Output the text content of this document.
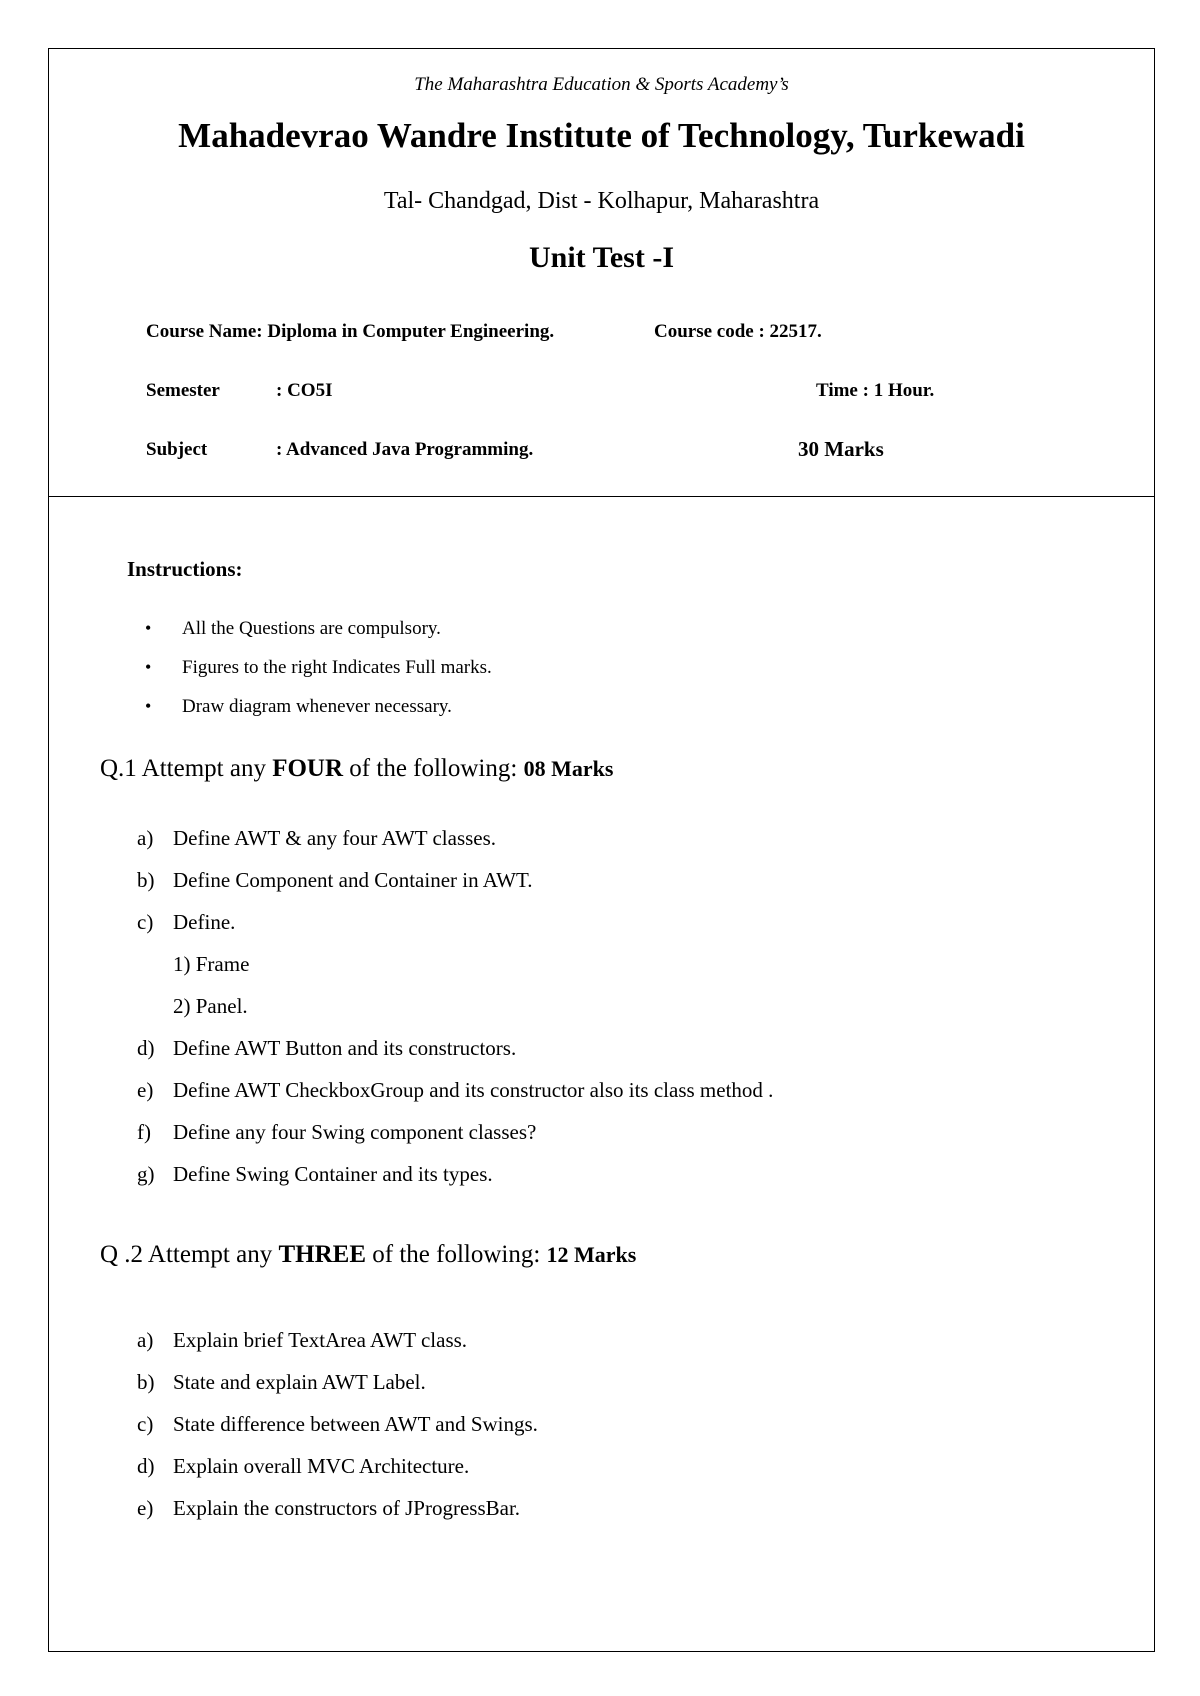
The Maharashtra Education & Sports Academy’s
Mahadevrao Wandre Institute of Technology, Turkewadi
Tal- Chandgad, Dist - Kolhapur, Maharashtra
Unit Test -I
Course Name: Diploma in Computer Engineering.	Course code : 22517.
Semester	: CO5I	Time : 1 Hour.
Subject	: Advanced Java Programming.	30 Marks
Instructions:
• All the Questions are compulsory.
• Figures to the right Indicates Full marks.
• Draw diagram whenever necessary.
Q.1 Attempt any FOUR of the following: 08 Marks
a) Define AWT & any four AWT classes.
b) Define Component and Container in AWT.
c) Define.
1) Frame
2) Panel.
d) Define AWT Button and its constructors.
e) Define AWT CheckboxGroup and its constructor also its class method .
f) Define any four Swing component classes?
g) Define Swing Container and its types.
Q .2 Attempt any THREE of the following: 12 Marks
a) Explain brief TextArea AWT class.
b) State and explain AWT Label.
c) State difference between AWT and Swings.
d) Explain overall MVC Architecture.
e) Explain the constructors of JProgressBar.
